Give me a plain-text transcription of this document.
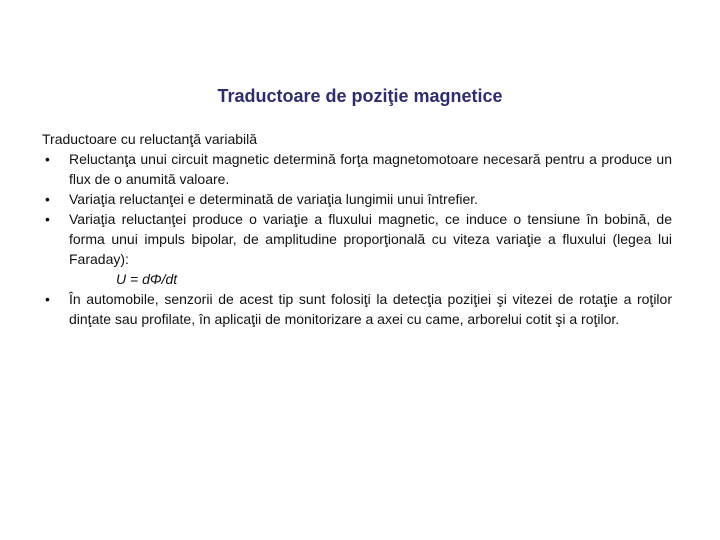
Traductoare de poziţie magnetice

Traductoare cu reluctanţă variabilă

• Reluctanţa unui circuit magnetic determină forţa magnetomotoare necesară pentru a produce un flux de o anumită valoare.
• Variaţia reluctanţei e determinată de variaţia lungimii unui întrefier.
• Variaţia reluctanţei produce o variaţie a fluxului magnetic, ce induce o tensiune în bobină, de forma unui impuls bipolar, de amplitudine proporţională cu viteza variaţie a fluxului (legea lui Faraday):
U = dΦ/dt
• În automobile, senzorii de acest tip sunt folosiţi la detecţia poziţiei şi vitezei de rotaţie a roţilor dinţate sau profilate, în aplicaţii de monitorizare a axei cu came, arborelui cotit şi a roţilor.
